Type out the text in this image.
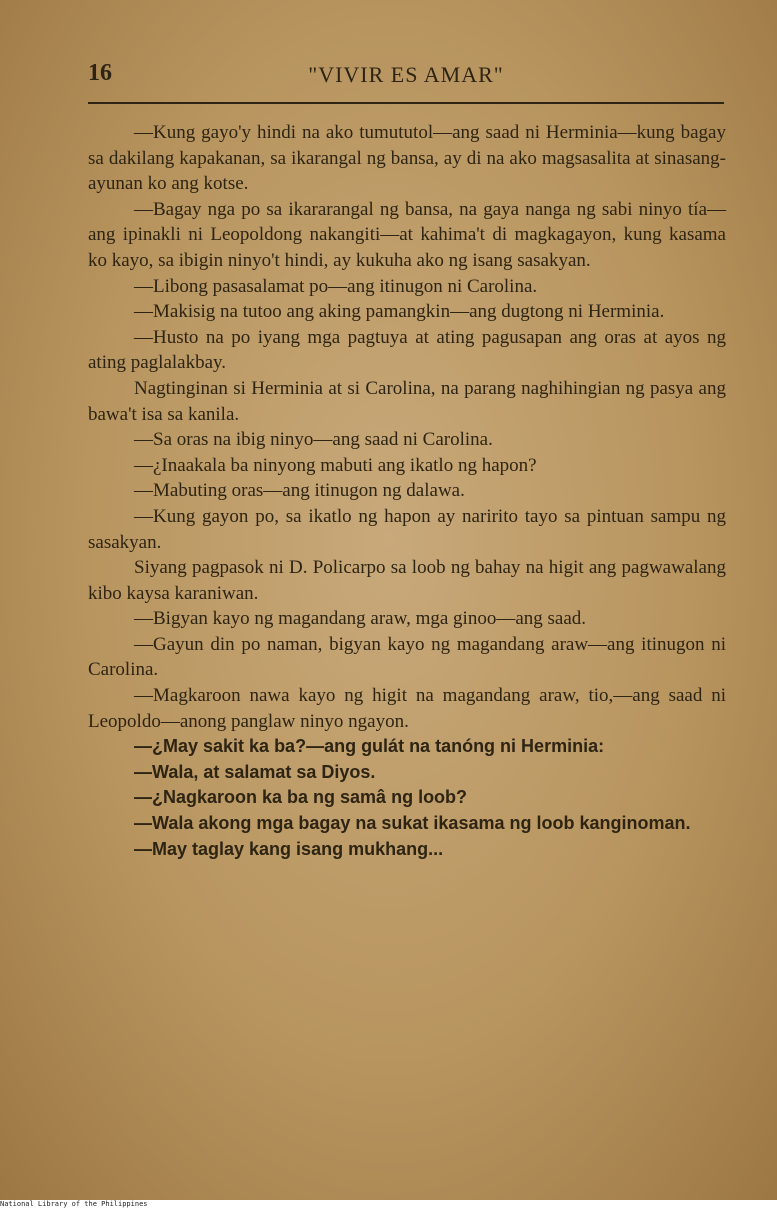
16	"VIVIR ES AMAR"

—Kung gayo'y hindi na ako tumututol—ang saad ni Herminia—kung bagay sa dakilang kapakanan, sa ikarangal ng bansa, ay di na ako magsasalita at sinasang-ayunan ko ang kotse.

—Bagay nga po sa ikararangal ng bansa, na gaya nanga ng sabi ninyo tía—ang ipinakli ni Leopoldong nakangiti—at kahima't di magkagayon, kung kasama ko kayo, sa ibigin ninyo't hindi, ay kukuha ako ng isang sasakyan.

—Libong pasasalamat po—ang itinugon ni Carolina.

—Makisig na tutoo ang aking pamangkin—ang dugtong ni Herminia.

—Husto na po iyang mga pagtuya at ating pagusapan ang oras at ayos ng ating paglalakbay.

Nagtinginan si Herminia at si Carolina, na parang naghihingian ng pasya ang bawa't isa sa kanila.

—Sa oras na ibig ninyo—ang saad ni Carolina.

—¿Inaakala ba ninyong mabuti ang ikatlo ng hapon?

—Mabuting oras—ang itinugon ng dalawa.

—Kung gayon po, sa ikatlo ng hapon ay naririto tayo sa pintuan sampu ng sasakyan.

Siyang pagpasok ni D. Policarpo sa loob ng bahay na higit ang pagwawalang kibo kaysa karaniwan.

—Bigyan kayo ng magandang araw, mga ginoo—ang saad.

—Gayun din po naman, bigyan kayo ng magandang araw—ang itinugon ni Carolina.

—Magkaroon nawa kayo ng higit na magandang araw, tio,—ang saad ni Leopoldo—anong panglaw ninyo ngayon.

—¿May sakit ka ba?—ang gulát na tanóng ni Herminia:

—Wala, at salamat sa Diyos.

—¿Nagkaroon ka ba ng samâ ng loob?

—Wala akong mga bagay na sukat ikasama ng loob kanginoman.

—May taglay kang isang mukhang...

National Library of the Philippines
